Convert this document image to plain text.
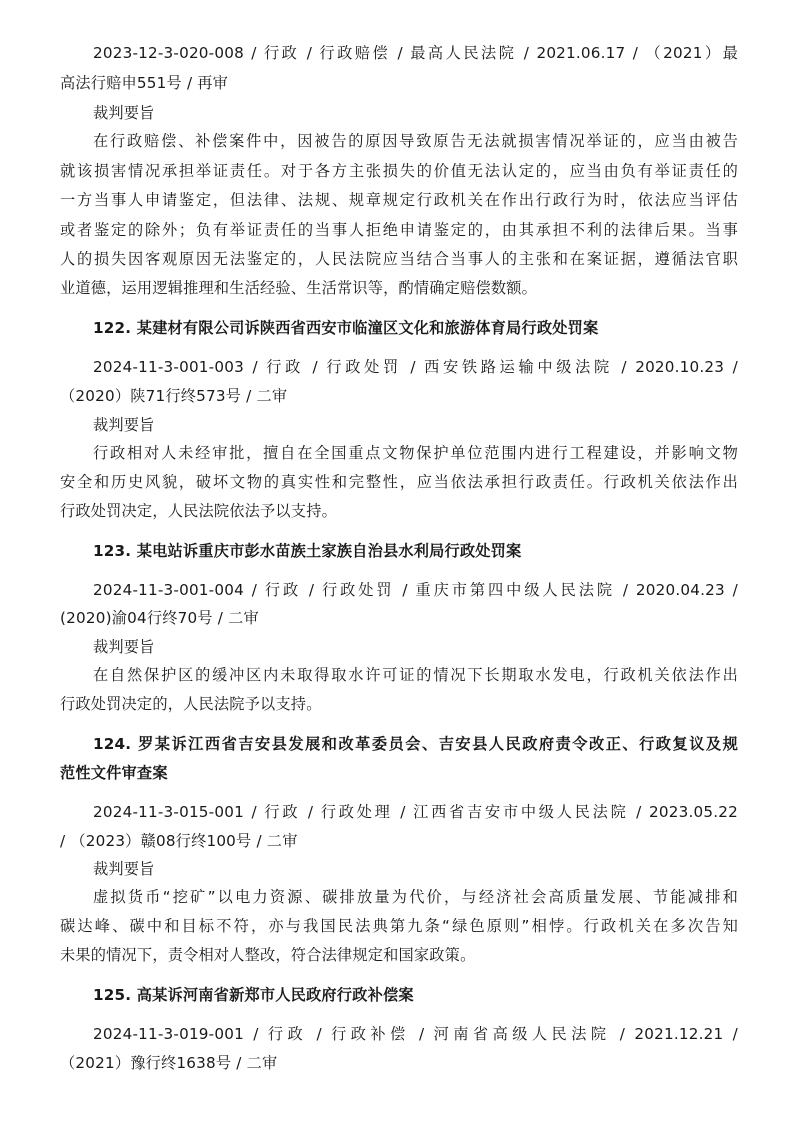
2023-12-3-020-008 / 行政 / 行政赔偿 / 最高人民法院 / 2021.06.17 / （2021）最
高法行赔申551号 / 再审
裁判要旨
在行政赔偿、补偿案件中，因被告的原因导致原告无法就损害情况举证的，应当由被告
就该损害情况承担举证责任。对于各方主张损失的价值无法认定的，应当由负有举证责任的
一方当事人申请鉴定，但法律、法规、规章规定行政机关在作出行政行为时，依法应当评估
或者鉴定的除外；负有举证责任的当事人拒绝申请鉴定的，由其承担不利的法律后果。当事
人的损失因客观原因无法鉴定的，人民法院应当结合当事人的主张和在案证据，遵循法官职
业道德，运用逻辑推理和生活经验、生活常识等，酌情确定赔偿数额。
122. 某建材有限公司诉陕西省西安市临潼区文化和旅游体育局行政处罚案
2024-11-3-001-003 / 行政 / 行政处罚 / 西安铁路运输中级法院 / 2020.10.23 /
（2020）陕71行终573号 / 二审
裁判要旨
行政相对人未经审批，擅自在全国重点文物保护单位范围内进行工程建设，并影响文物
安全和历史风貌，破坏文物的真实性和完整性，应当依法承担行政责任。行政机关依法作出
行政处罚决定，人民法院依法予以支持。
123. 某电站诉重庆市彭水苗族土家族自治县水利局行政处罚案
2024-11-3-001-004 / 行政 / 行政处罚 / 重庆市第四中级人民法院 / 2020.04.23 /
(2020)渝04行终70号 / 二审
裁判要旨
在自然保护区的缓冲区内未取得取水许可证的情况下长期取水发电，行政机关依法作出
行政处罚决定的，人民法院予以支持。
124. 罗某诉江西省吉安县发展和改革委员会、吉安县人民政府责令改正、行政复议及规
范性文件审查案
2024-11-3-015-001 / 行政 / 行政处理 / 江西省吉安市中级人民法院 / 2023.05.22
/ （2023）赣08行终100号 / 二审
裁判要旨
虚拟货币“挖矿”以电力资源、碳排放量为代价，与经济社会高质量发展、节能减排和
碳达峰、碳中和目标不符，亦与我国民法典第九条“绿色原则”相悖。行政机关在多次告知
未果的情况下，责令相对人整改，符合法律规定和国家政策。
125. 高某诉河南省新郑市人民政府行政补偿案
2024-11-3-019-001 / 行政 / 行政补偿 / 河南省高级人民法院 / 2021.12.21 /
（2021）豫行终1638号 / 二审
